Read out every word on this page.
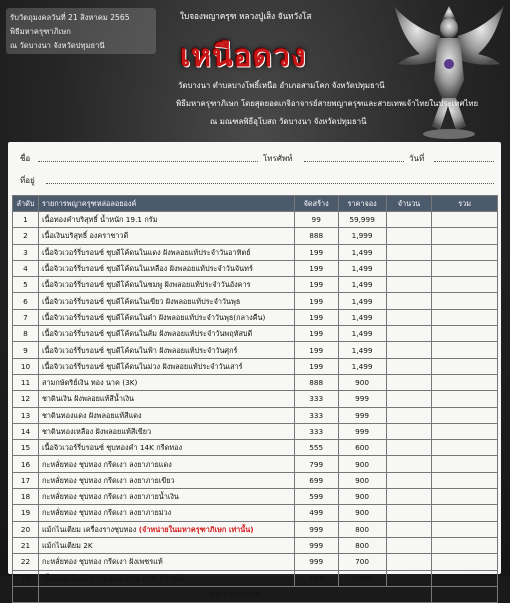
รับวัตถุมงคลวันที่ 21 สิงหาคม 2565
พิธีมหาครุฑาภิเษก
ณ วัดบางนา จังหวัดปทุมธานี
ใบจองพญาครุฑ หลวงปู่เส็ง จันทวังโส
เหนือดวง
วัดบางนา ตำบลบางโพธิ์เหนือ อำเภอสามโคก จังหวัดปทุมธานี
พิธีมหาครุฑาภิเษก โดยสุดยอดเกจิอาจารย์สายพญาครุฑและสายเทพเจ้าไทยในประเทศไทย
ณ มณฑลพิธีอุโบสถ วัดบางนา จังหวัดปทุมธานี
ชื่อ	โทรศัพท์	วันที่
ที่อยู่
ลำดับ	รายการพญาครุฑหล่อลอยองค์	จัดสร้าง	ราคาจอง	จำนวน	รวม
1	เนื้อทองคำบริสุทธิ์ น้ำหนัก 19.1 กรัม	99	59,999		
2	เนื้อเงินบริสุทธิ์ องคราชาวดี	888	1,999		
3	เนื้อจิวเวอร์รี่บรอนซ์ ชุบดีโค้ดนในแดง ฝังพลอยแท้ประจำวันอาทิตย์	199	1,499		
4	เนื้อจิวเวอร์รี่บรอนซ์ ชุบดีโค้ดนในเหลือง ฝังพลอยแท้ประจำวันจันทร์	199	1,499		
5	เนื้อจิวเวอร์รี่บรอนซ์ ชุบดีโค้ดนในชมพู ฝังพลอยแท้ประจำวันอังคาร	199	1,499		
6	เนื้อจิวเวอร์รี่บรอนซ์ ชุบดีโค้ดนในเขียว ฝังพลอยแท้ประจำวันพุธ	199	1,499		
7	เนื้อจิวเวอร์รี่บรอนซ์ ชุบดีโค้ดนในดำ ฝังพลอยแท้ประจำวันพุธ(กลางคืน)	199	1,499		
8	เนื้อจิวเวอร์รี่บรอนซ์ ชุบดีโค้ดนในส้ม ฝังพลอยแท้ประจำวันพฤหัสบดี	199	1,499		
9	เนื้อจิวเวอร์รี่บรอนซ์ ชุบดีโค้ดนในฟ้า ฝังพลอยแท้ประจำวันศุกร์	199	1,499		
10	เนื้อจิวเวอร์รี่บรอนซ์ ชุบดีโค้ดนในม่วง ฝังพลอยแท้ประจำวันเสาร์	199	1,499		
11	สามกษัตริย์เงิน ทอง นาค (3K)	888	900		
12	ชาดินเงิน ฝังพลอยแท้สีน้ำเงิน	333	999		
13	ชาดินทองแดง ฝังพลอยแท้สีแดง	333	999		
14	ชาดินทองเหลือง ฝังพลอยแท้สีเขียว	333	999		
15	เนื้อจิวเวอร์รี่บรอนซ์ ชุบทองคำ 14K กรีดทอง	555	600		
16	กะหลั่ยทอง ชุบทอง กรีดเงา ลงยาภายแดง	799	900		
17	กะหลั่ยทอง ชุบทอง กรีดเงา ลงยาภายเขียว	699	900		
18	กะหลั่ยทอง ชุบทอง กรีดเงา ลงยาภายน้ำเงิน	599	900		
19	กะหลั่ยทอง ชุบทอง กรีดเงา ลงยาภายม่วง	499	900		
20	แม้กไนเตียม เครื่องรางชุบทอง (จำหน่ายในมหาครุฑาภิเษก เท่านั้น)	999	800		
21	แม้กไนเตียม 2K	999	800		
22	กะหลั่ยทอง ชุบทอง กรีดเงา ฝังเพชรแท้	999	700		
23	เนื้อสัตตะโลหะชนวนช่อนำฤกษ์ ครุฑ 19 องค์	199	2,999		
	สรุปรายการรวม				
